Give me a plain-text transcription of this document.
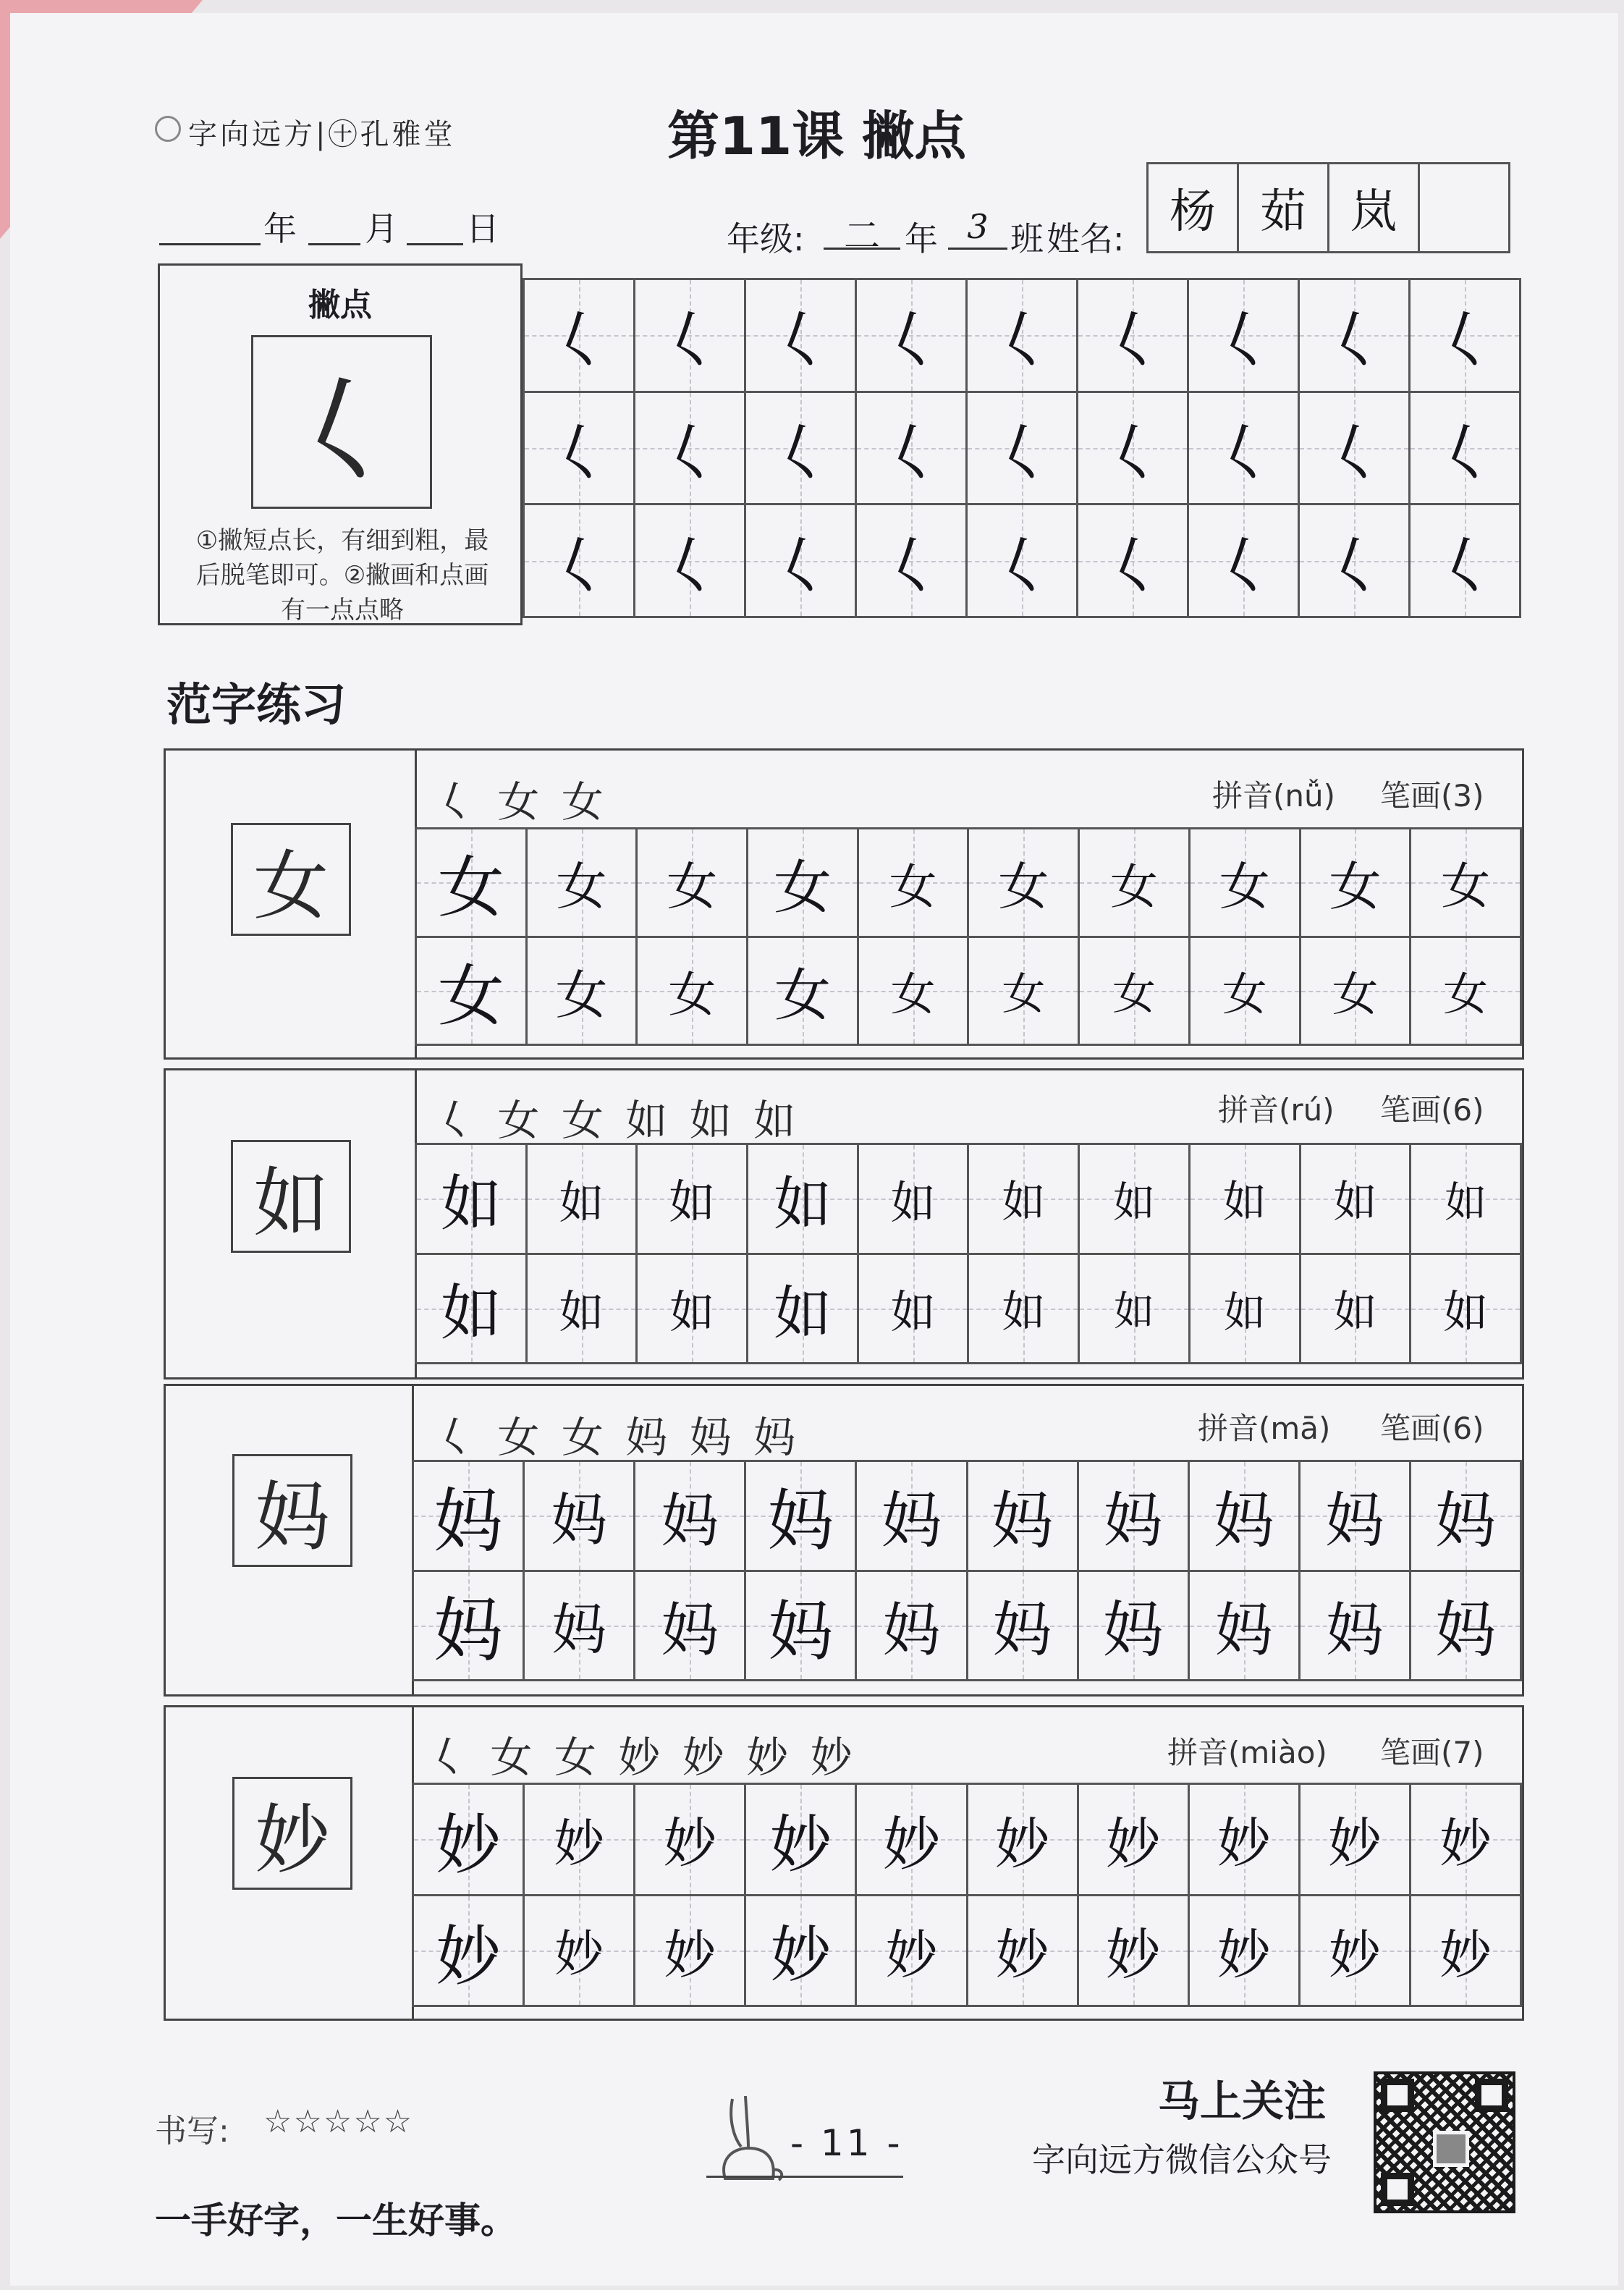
字向远方|㊉孔雅堂	第11课 撇点
年 月 日	年级:	二 年 3 班 姓名: 杨 茹 岚
撇点
𡿨
①撇短点长，有细到粗，最后脱笔即可。②撇画和点画有一点点略
𡿨 𡿨 𡿨 𡿨 𡿨 𡿨 𡿨 𡿨 𡿨
𡿨 𡿨 𡿨 𡿨 𡿨 𡿨 𡿨 𡿨 𡿨
𡿨 𡿨 𡿨 𡿨 𡿨 𡿨 𡿨 𡿨 𡿨
范字练习
女
𡿨 女 女	拼音(nǚ) 笔画(3)
女 女 女 女 女 女 女 女 女 女
女 女 女 女 女 女 女 女 女 女
如
𡿨 女 女 如 如 如	拼音(rú) 笔画(6)
如 如 如 如 如 如 如 如 如 如
如 如 如 如 如 如 如 如 如 如
妈
𡿨 女 女 妈 妈 妈	拼音(mā) 笔画(6)
妈 妈 妈 妈 妈 妈 妈 妈 妈 妈
妈 妈 妈 妈 妈 妈 妈 妈 妈 妈
妙
𡿨 女 女 妙 妙 妙 妙	拼音(miào) 笔画(7)
妙 妙 妙 妙 妙 妙 妙 妙 妙 妙
妙 妙 妙 妙 妙 妙 妙 妙 妙 妙
书写: ☆☆☆☆☆
一手好字，一生好事。
- 11 -
马上关注
字向远方微信公众号
